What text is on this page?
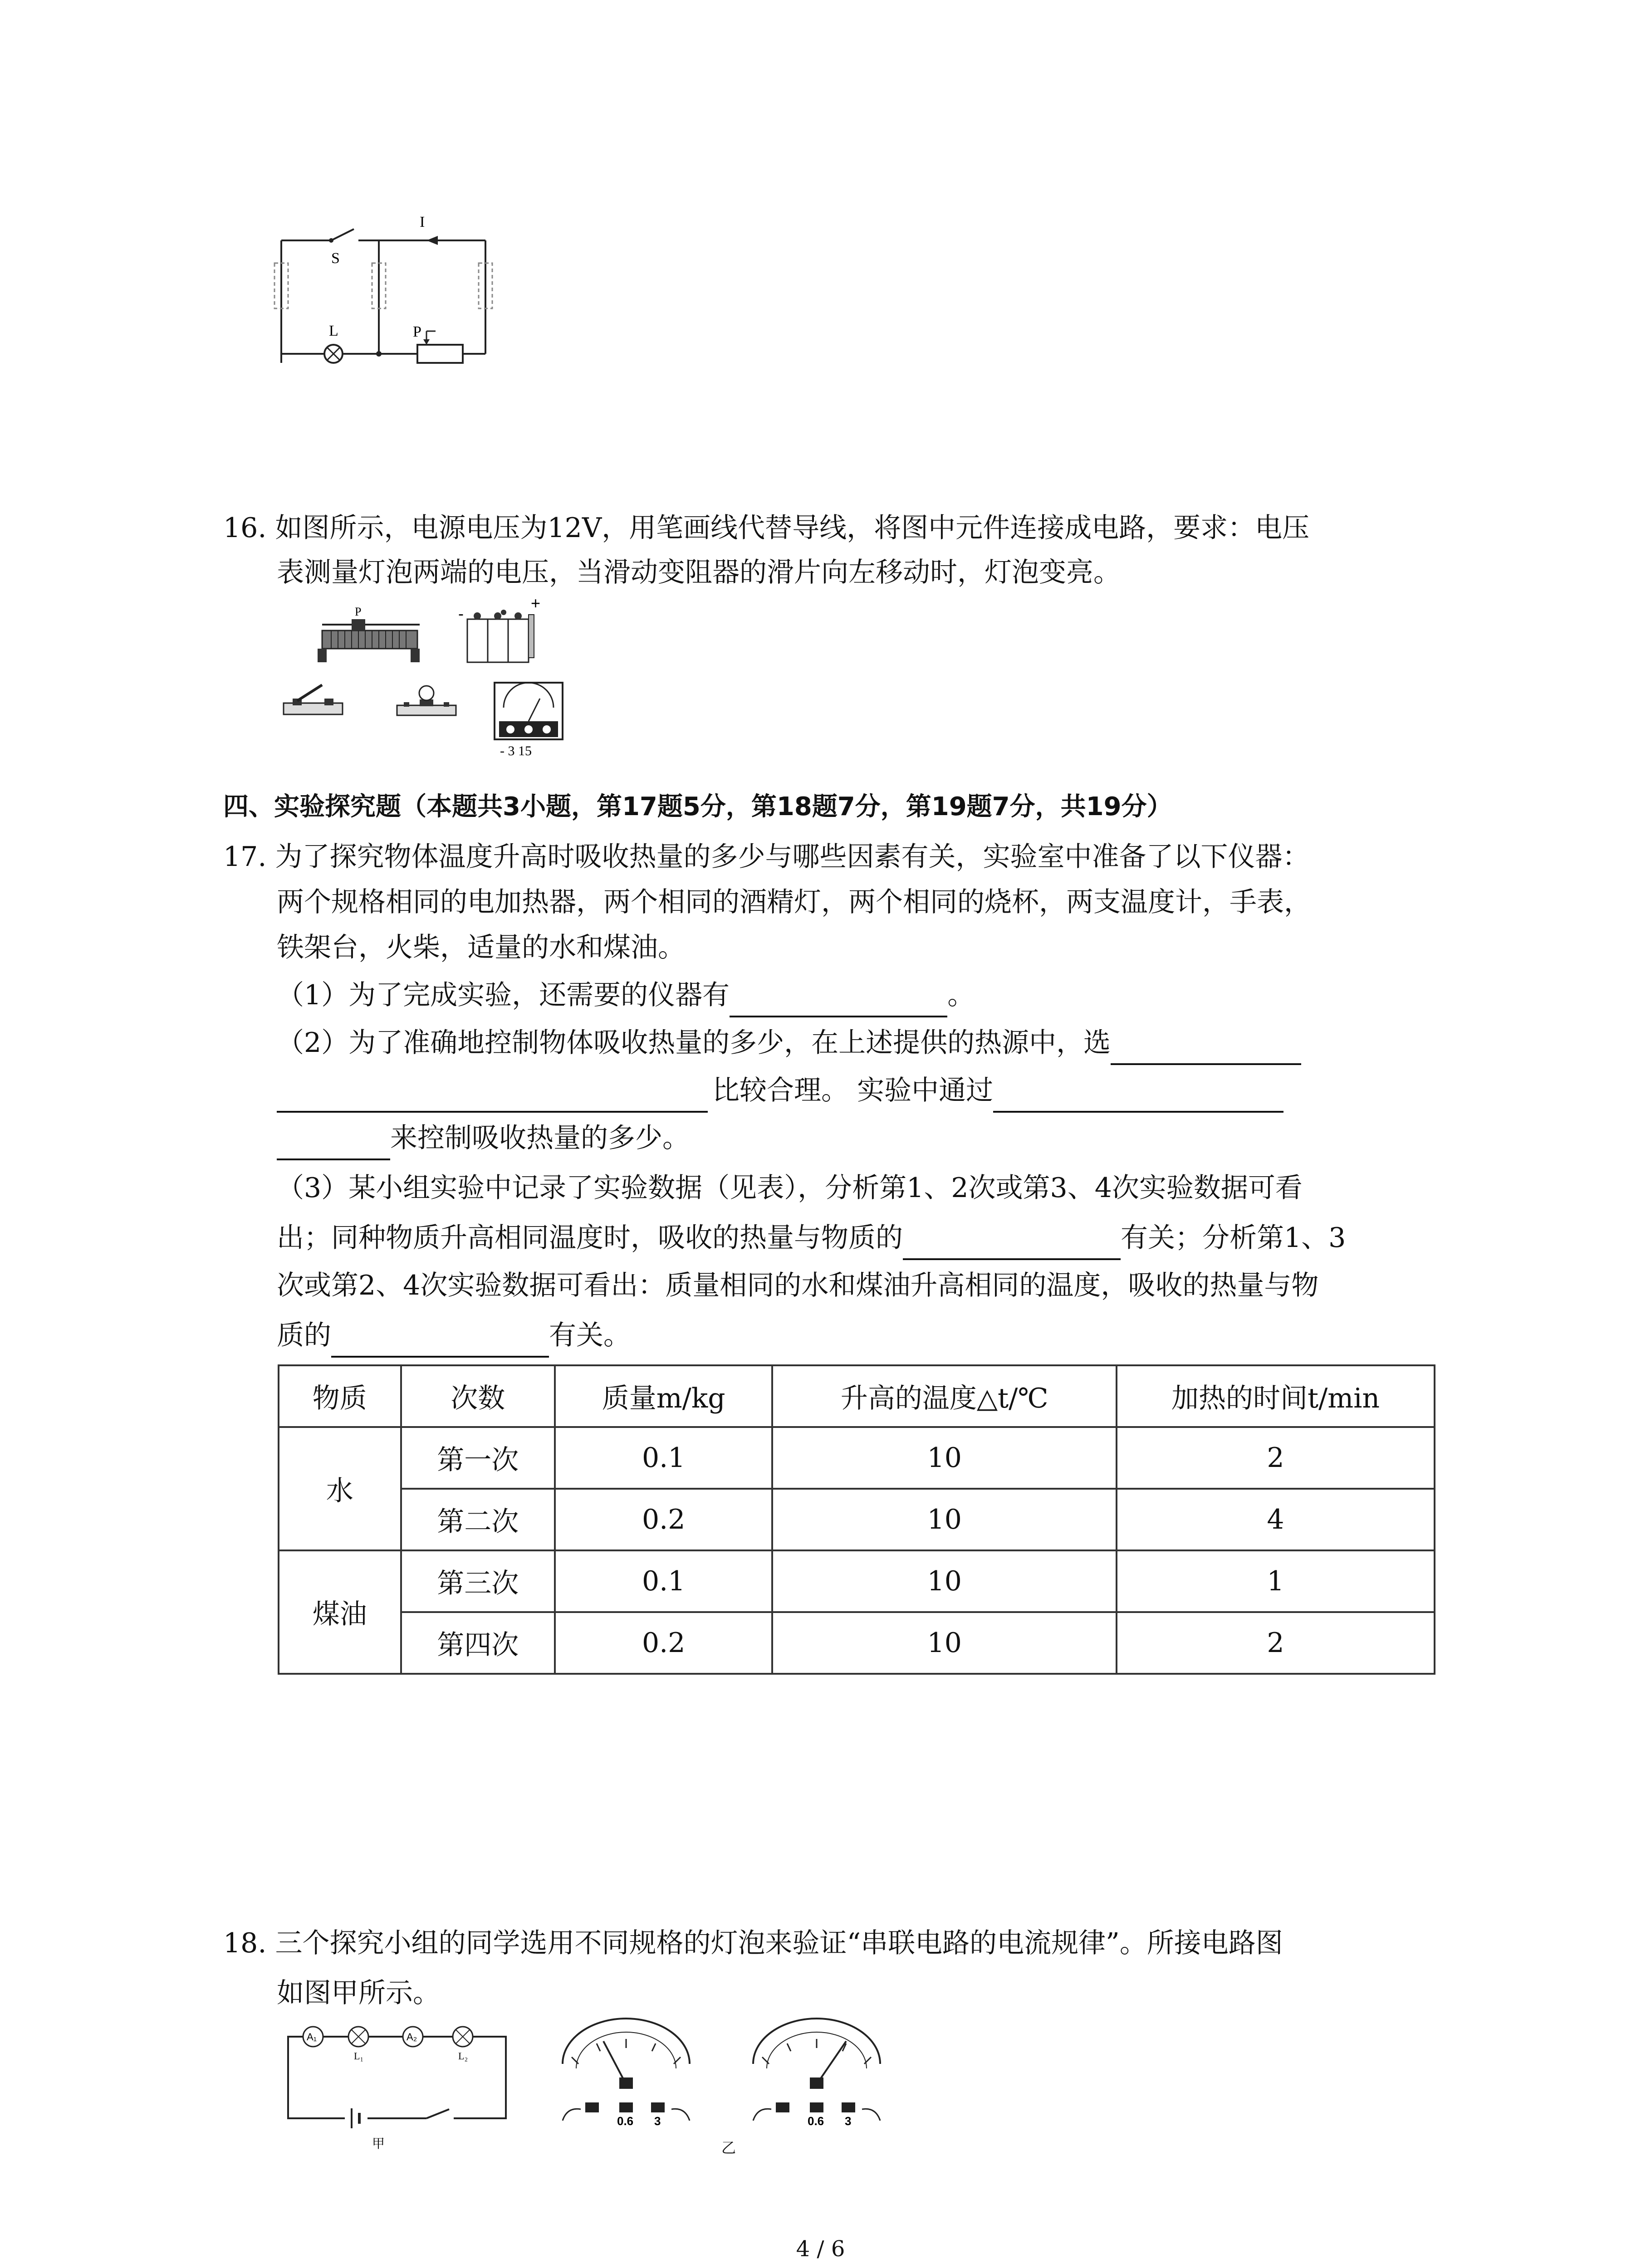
I
S
L	P
16. 如图所示，电源电压为12V，用笔画线代替导线，将图中元件连接成电路，要求：电压
表测量灯泡两端的电压，当滑动变阻器的滑片向左移动时，灯泡变亮。
P	-
+
- 3 15
四、实验探究题（本题共3小题，第17题5分，第18题7分，第19题7分，共19分）
17. 为了探究物体温度升高时吸收热量的多少与哪些因素有关，实验室中准备了以下仪器：
两个规格相同的电加热器，两个相同的酒精灯，两个相同的烧杯，两支温度计，手表，
铁架台，火柴，适量的水和煤油。
（1）为了完成实验，还需要的仪器有	。
（2）为了准确地控制物体吸收热量的多少，在上述提供的热源中，选
比较合理。 实验中通过
来控制吸收热量的多少。
（3）某小组实验中记录了实验数据（见表），分析第1、2次或第3、4次实验数据可看
出；同种物质升高相同温度时，吸收的热量与物质的	有关；分析第1、3
次或第2、4次实验数据可看出：质量相同的水和煤油升高相同的温度，吸收的热量与物
质的	有关。
物质	次数	质量m/kg	升高的温度△t/℃	加热的时间t/min
水	第一次	0.1	10	2
	第二次	0.2	10	4
煤油	第三次	0.1	10	1
	第四次	0.2	10	2
18. 三个探究小组的同学选用不同规格的灯泡来验证“串联电路的电流规律”。所接电路图
如图甲所示。
A₁	A₂
L₁	L₂
甲
0.6 3	0.6 3
乙
4 / 6
